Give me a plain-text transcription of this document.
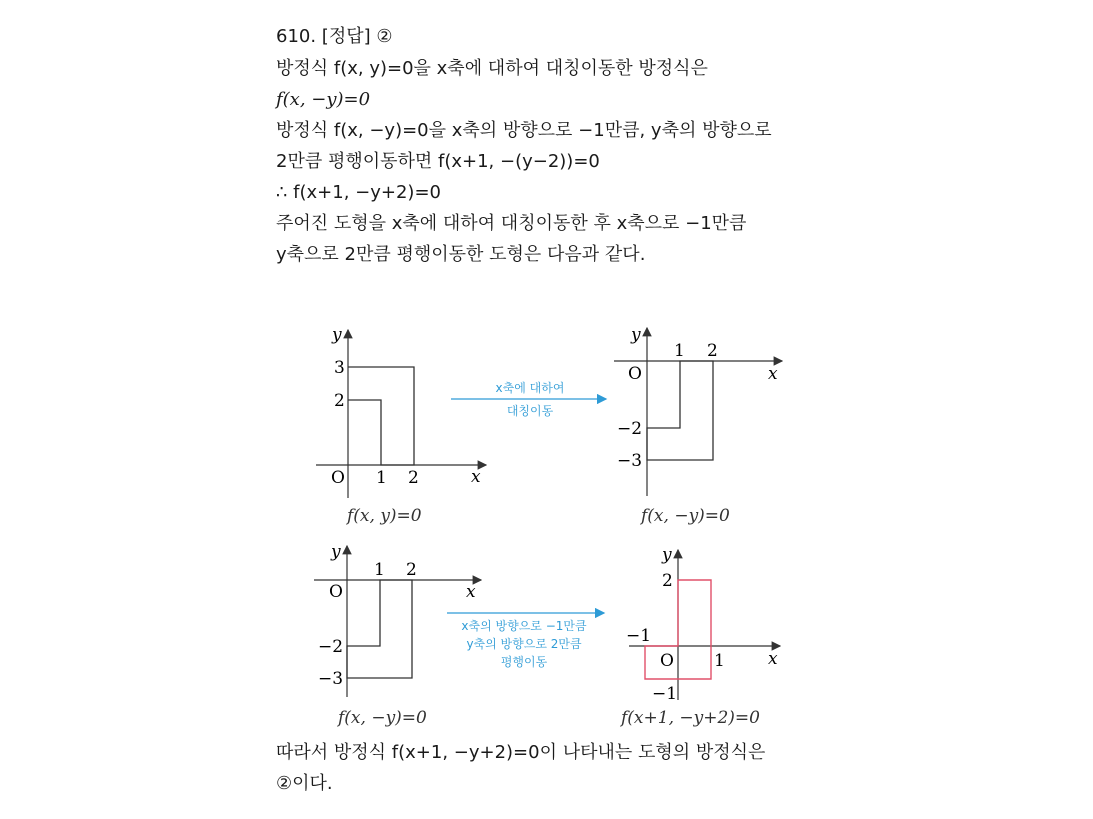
610. [정답] ②
방정식 f(x, y)=0을 x축에 대하여 대칭이동한 방정식은
f(x, −y)=0
방정식 f(x, −y)=0을 x축의 방향으로 −1만큼, y축의 방향으로
2만큼 평행이동하면 f(x+1, −(y−2))=0
∴ f(x+1, −y+2)=0
주어진 도형을 x축에 대하여 대칭이동한 후 x축으로 −1만큼
y축으로 2만큼 평행이동한 도형은 다음과 같다.
y
x
O 1 2
3
2
f(x, y)=0
x축에 대하여
대칭이동
y
x
O
1 2
−2
−3
f(x, −y)=0
y
x
O
1 2
−2
−3
f(x, −y)=0
x축의 방향으로 −1만큼
y축의 방향으로 2만큼
평행이동
y
x
O 1
2
−1
−1
f(x+1, −y+2)=0
따라서 방정식 f(x+1, −y+2)=0이 나타내는 도형의 방정식은
②이다.
